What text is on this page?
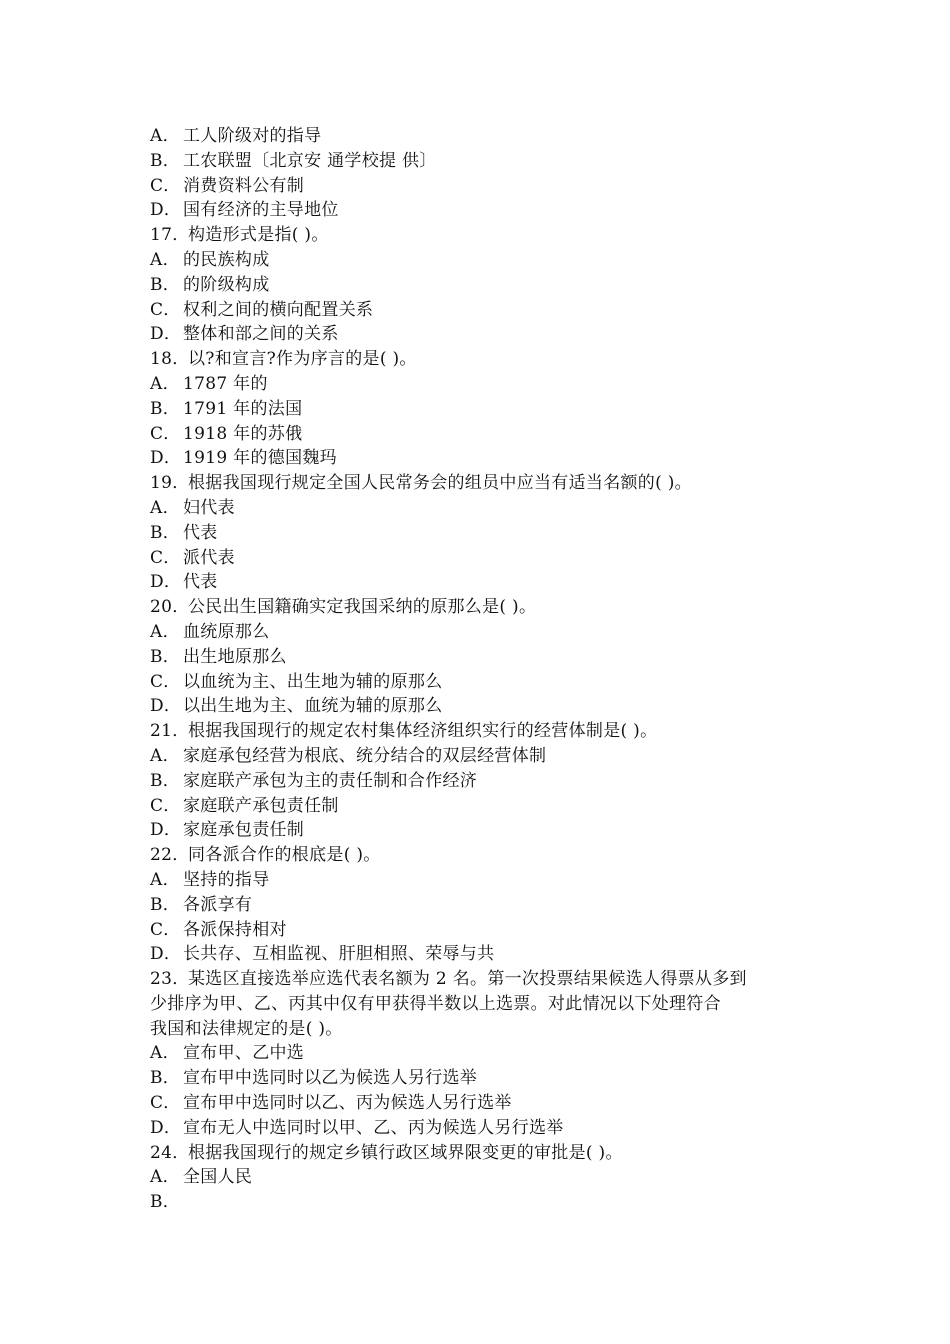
A． 工人阶级对的指导
B． 工农联盟〔北京安 通学校提 供〕
C． 消费资料公有制
D． 国有经济的主导地位
17．构造形式是指( )。
A． 的民族构成
B． 的阶级构成
C． 权利之间的横向配置关系
D． 整体和部之间的关系
18．以?和宣言?作为序言的是( )。
A． 1787 年的
B． 1791 年的法国
C． 1918 年的苏俄
D． 1919 年的德国魏玛
19．根据我国现行规定全国人民常务会的组员中应当有适当名额的( )。
A． 妇代表
B． 代表
C． 派代表
D． 代表
20．公民出生国籍确实定我国采纳的原那么是( )。
A． 血统原那么
B． 出生地原那么
C． 以血统为主、出生地为辅的原那么
D． 以出生地为主、血统为辅的原那么
21．根据我国现行的规定农村集体经济组织实行的经营体制是( )。
A． 家庭承包经营为根底、统分结合的双层经营体制
B． 家庭联产承包为主的责任制和合作经济
C． 家庭联产承包责任制
D． 家庭承包责任制
22．同各派合作的根底是( )。
A． 坚持的指导
B． 各派享有
C． 各派保持相对
D． 长共存、互相监视、肝胆相照、荣辱与共
23．某选区直接选举应选代表名额为 2 名。第一次投票结果候选人得票从多到
少排序为甲、乙、丙其中仅有甲获得半数以上选票。对此情况以下处理符合
我国和法律规定的是( )。
A． 宣布甲、乙中选
B． 宣布甲中选同时以乙为候选人另行选举
C． 宣布甲中选同时以乙、丙为候选人另行选举
D． 宣布无人中选同时以甲、乙、丙为候选人另行选举
24．根据我国现行的规定乡镇行政区域界限变更的审批是( )。
A． 全国人民
B．
